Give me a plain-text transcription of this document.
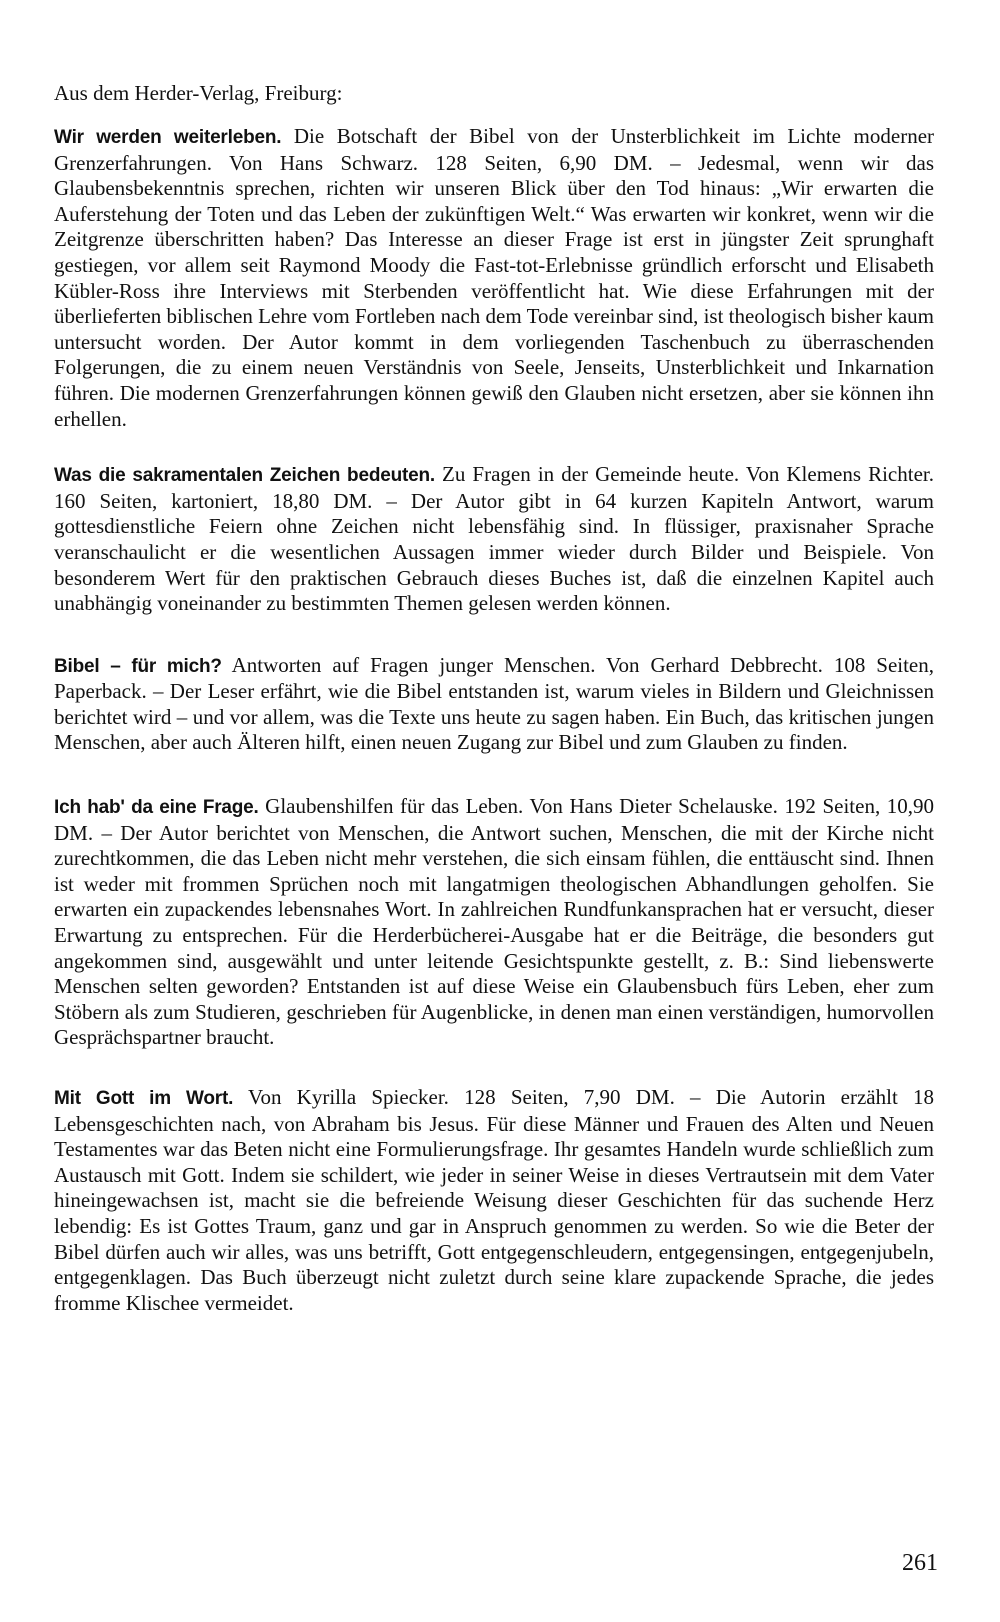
Aus dem Herder-Verlag, Freiburg:

Wir werden weiterleben. Die Botschaft der Bibel von der Unsterblichkeit im Lichte moderner Grenzerfahrungen. Von Hans Schwarz. 128 Seiten, 6,90 DM. – Jedesmal, wenn wir das Glaubensbekenntnis sprechen, richten wir unseren Blick über den Tod hinaus: „Wir erwarten die Auferstehung der Toten und das Leben der zukünftigen Welt.“ Was erwarten wir konkret, wenn wir die Zeitgrenze überschritten haben? Das Interesse an dieser Frage ist erst in jüngster Zeit sprunghaft gestiegen, vor allem seit Raymond Moody die Fast-tot-Erlebnisse gründlich erforscht und Elisabeth Kübler-Ross ihre Interviews mit Sterbenden veröffentlicht hat. Wie diese Erfahrungen mit der überlieferten biblischen Lehre vom Fortleben nach dem Tode vereinbar sind, ist theologisch bisher kaum untersucht worden. Der Autor kommt in dem vorliegenden Taschenbuch zu überraschenden Folgerungen, die zu einem neuen Verständnis von Seele, Jenseits, Unsterblichkeit und Inkarnation führen. Die modernen Grenzerfahrungen können gewiß den Glauben nicht ersetzen, aber sie können ihn erhellen.

Was die sakramentalen Zeichen bedeuten. Zu Fragen in der Gemeinde heute. Von Klemens Richter. 160 Seiten, kartoniert, 18,80 DM. – Der Autor gibt in 64 kurzen Kapiteln Antwort, warum gottesdienstliche Feiern ohne Zeichen nicht lebensfähig sind. In flüssiger, praxisnaher Sprache veranschaulicht er die wesentlichen Aussagen immer wieder durch Bilder und Beispiele. Von besonderem Wert für den praktischen Gebrauch dieses Buches ist, daß die einzelnen Kapitel auch unabhängig voneinander zu bestimmten Themen gelesen werden können.

Bibel – für mich? Antworten auf Fragen junger Menschen. Von Gerhard Debbrecht. 108 Seiten, Paperback. – Der Leser erfährt, wie die Bibel entstanden ist, warum vieles in Bildern und Gleichnissen berichtet wird – und vor allem, was die Texte uns heute zu sagen haben. Ein Buch, das kritischen jungen Menschen, aber auch Älteren hilft, einen neuen Zugang zur Bibel und zum Glauben zu finden.

Ich hab' da eine Frage. Glaubenshilfen für das Leben. Von Hans Dieter Schelauske. 192 Seiten, 10,90 DM. – Der Autor berichtet von Menschen, die Antwort suchen, Menschen, die mit der Kirche nicht zurechtkommen, die das Leben nicht mehr verstehen, die sich einsam fühlen, die enttäuscht sind. Ihnen ist weder mit frommen Sprüchen noch mit langatmigen theologischen Abhandlungen geholfen. Sie erwarten ein zupackendes lebensnahes Wort. In zahlreichen Rundfunkansprachen hat er versucht, dieser Erwartung zu entsprechen. Für die Herderbücherei-Ausgabe hat er die Beiträge, die besonders gut angekommen sind, ausgewählt und unter leitende Gesichtspunkte gestellt, z. B.: Sind liebenswerte Menschen selten geworden? Entstanden ist auf diese Weise ein Glaubensbuch fürs Leben, eher zum Stöbern als zum Studieren, geschrieben für Augenblicke, in denen man einen verständigen, humorvollen Gesprächspartner braucht.

Mit Gott im Wort. Von Kyrilla Spiecker. 128 Seiten, 7,90 DM. – Die Autorin erzählt 18 Lebensgeschichten nach, von Abraham bis Jesus. Für diese Männer und Frauen des Alten und Neuen Testamentes war das Beten nicht eine Formulierungsfrage. Ihr gesamtes Handeln wurde schließlich zum Austausch mit Gott. Indem sie schildert, wie jeder in seiner Weise in dieses Vertrautsein mit dem Vater hineingewachsen ist, macht sie die befreiende Weisung dieser Geschichten für das suchende Herz lebendig: Es ist Gottes Traum, ganz und gar in Anspruch genommen zu werden. So wie die Beter der Bibel dürfen auch wir alles, was uns betrifft, Gott entgegenschleudern, entgegensingen, entgegenjubeln, entgegenklagen. Das Buch überzeugt nicht zuletzt durch seine klare zupackende Sprache, die jedes fromme Klischee vermeidet.

261
